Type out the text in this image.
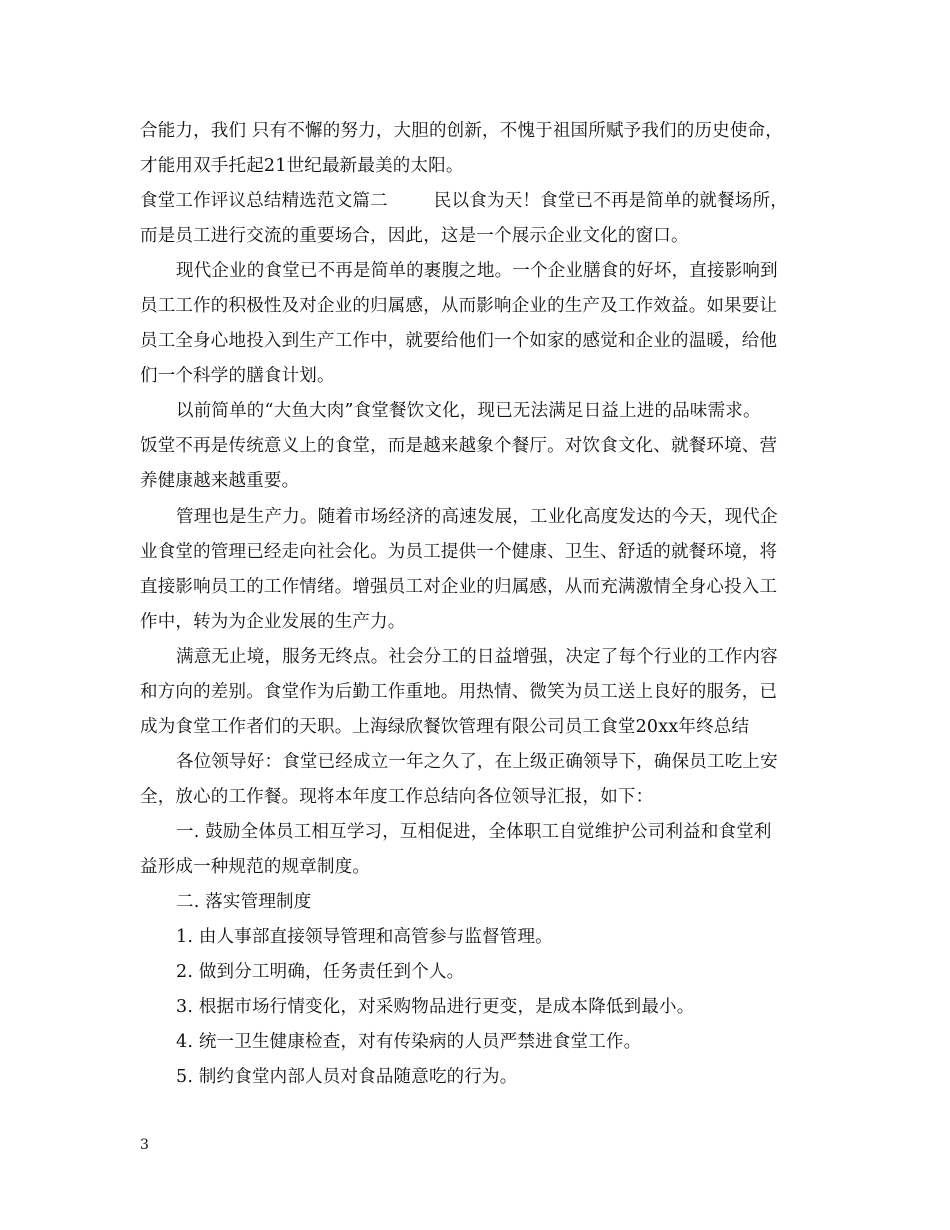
合能力，我们 只有不懈的努力，大胆的创新，不愧于祖国所赋予我们的历史使命，
才能用双手托起21世纪最新最美的太阳。
食堂工作评议总结精选范文篇二        民以食为天！食堂已不再是简单的就餐场所，
而是员工进行交流的重要场合，因此，这是一个展示企业文化的窗口。
现代企业的食堂已不再是简单的裹腹之地。一个企业膳食的好坏，直接影响到
员工工作的积极性及对企业的归属感，从而影响企业的生产及工作效益。如果要让
员工全身心地投入到生产工作中，就要给他们一个如家的感觉和企业的温暖，给他
们一个科学的膳食计划。
以前简单的“大鱼大肉”食堂餐饮文化，现已无法满足日益上进的品味需求。
饭堂不再是传统意义上的食堂，而是越来越象个餐厅。对饮食文化、就餐环境、营
养健康越来越重要。
管理也是生产力。随着市场经济的高速发展，工业化高度发达的今天，现代企
业食堂的管理已经走向社会化。为员工提供一个健康、卫生、舒适的就餐环境，将
直接影响员工的工作情绪。增强员工对企业的归属感，从而充满激情全身心投入工
作中，转为为企业发展的生产力。
满意无止境，服务无终点。社会分工的日益增强，决定了每个行业的工作内容
和方向的差别。食堂作为后勤工作重地。用热情、微笑为员工送上良好的服务，已
成为食堂工作者们的天职。上海绿欣餐饮管理有限公司员工食堂20xx年终总结
各位领导好：食堂已经成立一年之久了，在上级正确领导下，确保员工吃上安
全，放心的工作餐。现将本年度工作总结向各位领导汇报，如下：
一. 鼓励全体员工相互学习，互相促进，全体职工自觉维护公司利益和食堂利
益形成一种规范的规章制度。
二. 落实管理制度
1. 由人事部直接领导管理和高管参与监督管理。
2. 做到分工明确，任务责任到个人。
3. 根据市场行情变化，对采购物品进行更变，是成本降低到最小。
4. 统一卫生健康检查，对有传染病的人员严禁进食堂工作。
5. 制约食堂内部人员对食品随意吃的行为。
3
